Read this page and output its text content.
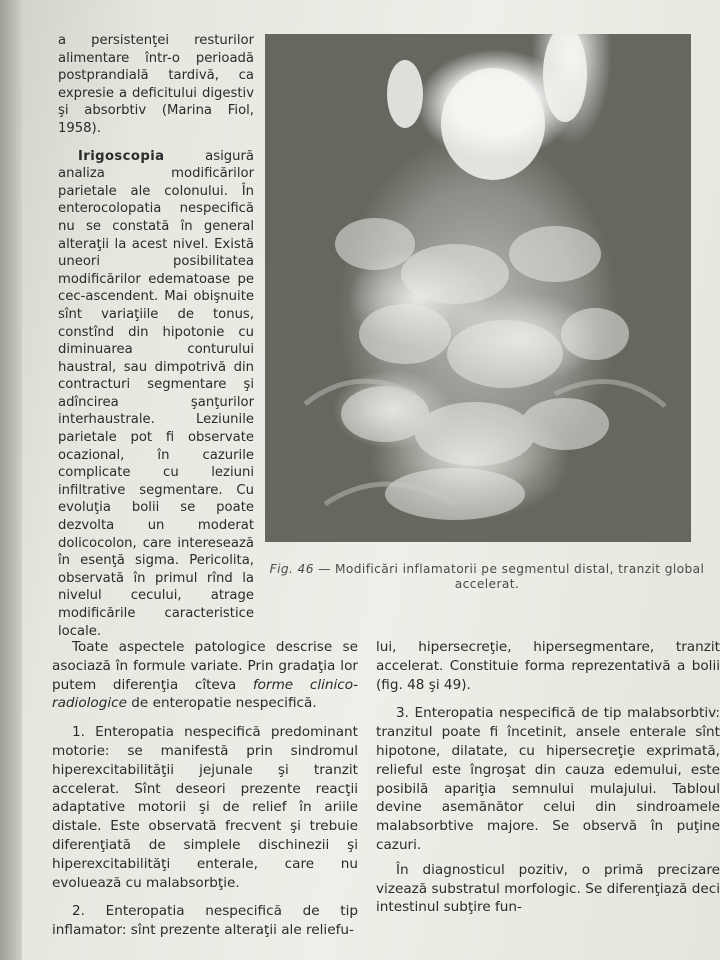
a persistenţei resturilor alimentare într-o perioadă postprandială tardivă, ca expresie a deficitului digestiv şi absorbtiv (Marina Fiol, 1958).

Irigoscopia asigură analiza modificărilor parietale ale colonului. În enterocolopatia nespecifică nu se constată în general alteraţii la acest nivel. Există uneori posibilitatea modificărilor edematoase pe cec-ascendent. Mai obişnuite sînt variaţiile de tonus, constînd din hipotonie cu diminuarea conturului haustral, sau dimpotrivă din contracturi segmentare şi adîncirea şanţurilor interhaustrale. Leziunile parietale pot fi observate ocazional, în cazurile complicate cu leziuni infiltrative segmentare. Cu evoluţia bolii se poate dezvolta un moderat dolicocolon, care interesează în esenţă sigma. Pericolita, observată în primul rînd la nivelul cecului, atrage modificările caracteristice locale.

Fig. 46 — Modificări inflamatorii pe segmentul distal, tranzit global accelerat.

Toate aspectele patologice descrise se asociază în formule variate. Prin gradaţia lor putem diferenţia cîteva forme clinico-radiologice de enteropatie nespecifică.

1. Enteropatia nespecifică predominant motorie: se manifestă prin sindromul hiperexcitabilităţii jejunale şi tranzit accelerat. Sînt deseori prezente reacţii adaptative motorii şi de relief în ariile distale. Este observată frecvent şi trebuie diferenţiată de simplele dischinezii şi hiperexcitabilităţi enterale, care nu evoluează cu malabsorbţie.

2. Enteropatia nespecifică de tip inflamator: sînt prezente alteraţii ale reliefu-

lui, hipersecreţie, hipersegmentare, tranzit accelerat. Constituie forma reprezentativă a bolii (fig. 48 şi 49).

3. Enteropatia nespecifică de tip malabsorbtiv: tranzitul poate fi încetinit, ansele enterale sînt hipotone, dilatate, cu hipersecreţie exprimată, relieful este îngroşat din cauza edemului, este posibilă apariţia semnului mulajului. Tabloul devine asemănător celui din sindroamele malabsorbtive majore. Se observă în puţine cazuri.

În diagnosticul pozitiv, o primă precizare vizează substratul morfologic. Se diferenţiază deci intestinul subţire fun-
